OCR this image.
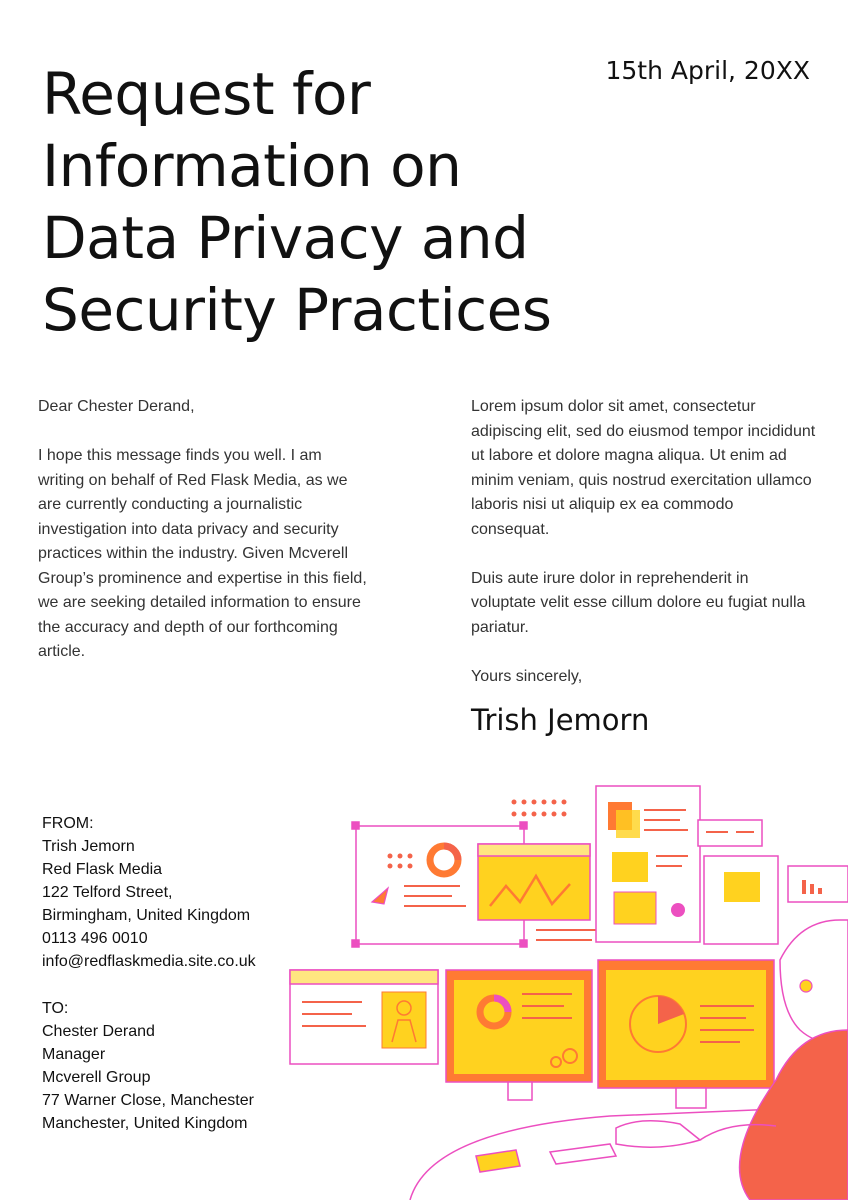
15th April, 20XX
Request for
Information on
Data Privacy and
Security Practices

Dear Chester Derand,

I hope this message finds you well. I am writing on behalf of Red Flask Media, as we are currently conducting a journalistic investigation into data privacy and security practices within the industry. Given Mcverell Group’s prominence and expertise in this field, we are seeking detailed information to ensure the accuracy and depth of our forthcoming article.

Lorem ipsum dolor sit amet, consectetur adipiscing elit, sed do eiusmod tempor incididunt ut labore et dolore magna aliqua. Ut enim ad minim veniam, quis nostrud exercitation ullamco laboris nisi ut aliquip ex ea commodo consequat.

Duis aute irure dolor in reprehenderit in voluptate velit esse cillum dolore eu fugiat nulla pariatur.

Yours sincerely,

Trish Jemorn
FROM:
Trish Jemorn
Red Flask Media
122 Telford Street,
Birmingham, United Kingdom
0113 496 0010
info@redflaskmedia.site.co.uk
TO:
Chester Derand
Manager
Mcverell Group
77 Warner Close, Manchester
Manchester, United Kingdom
